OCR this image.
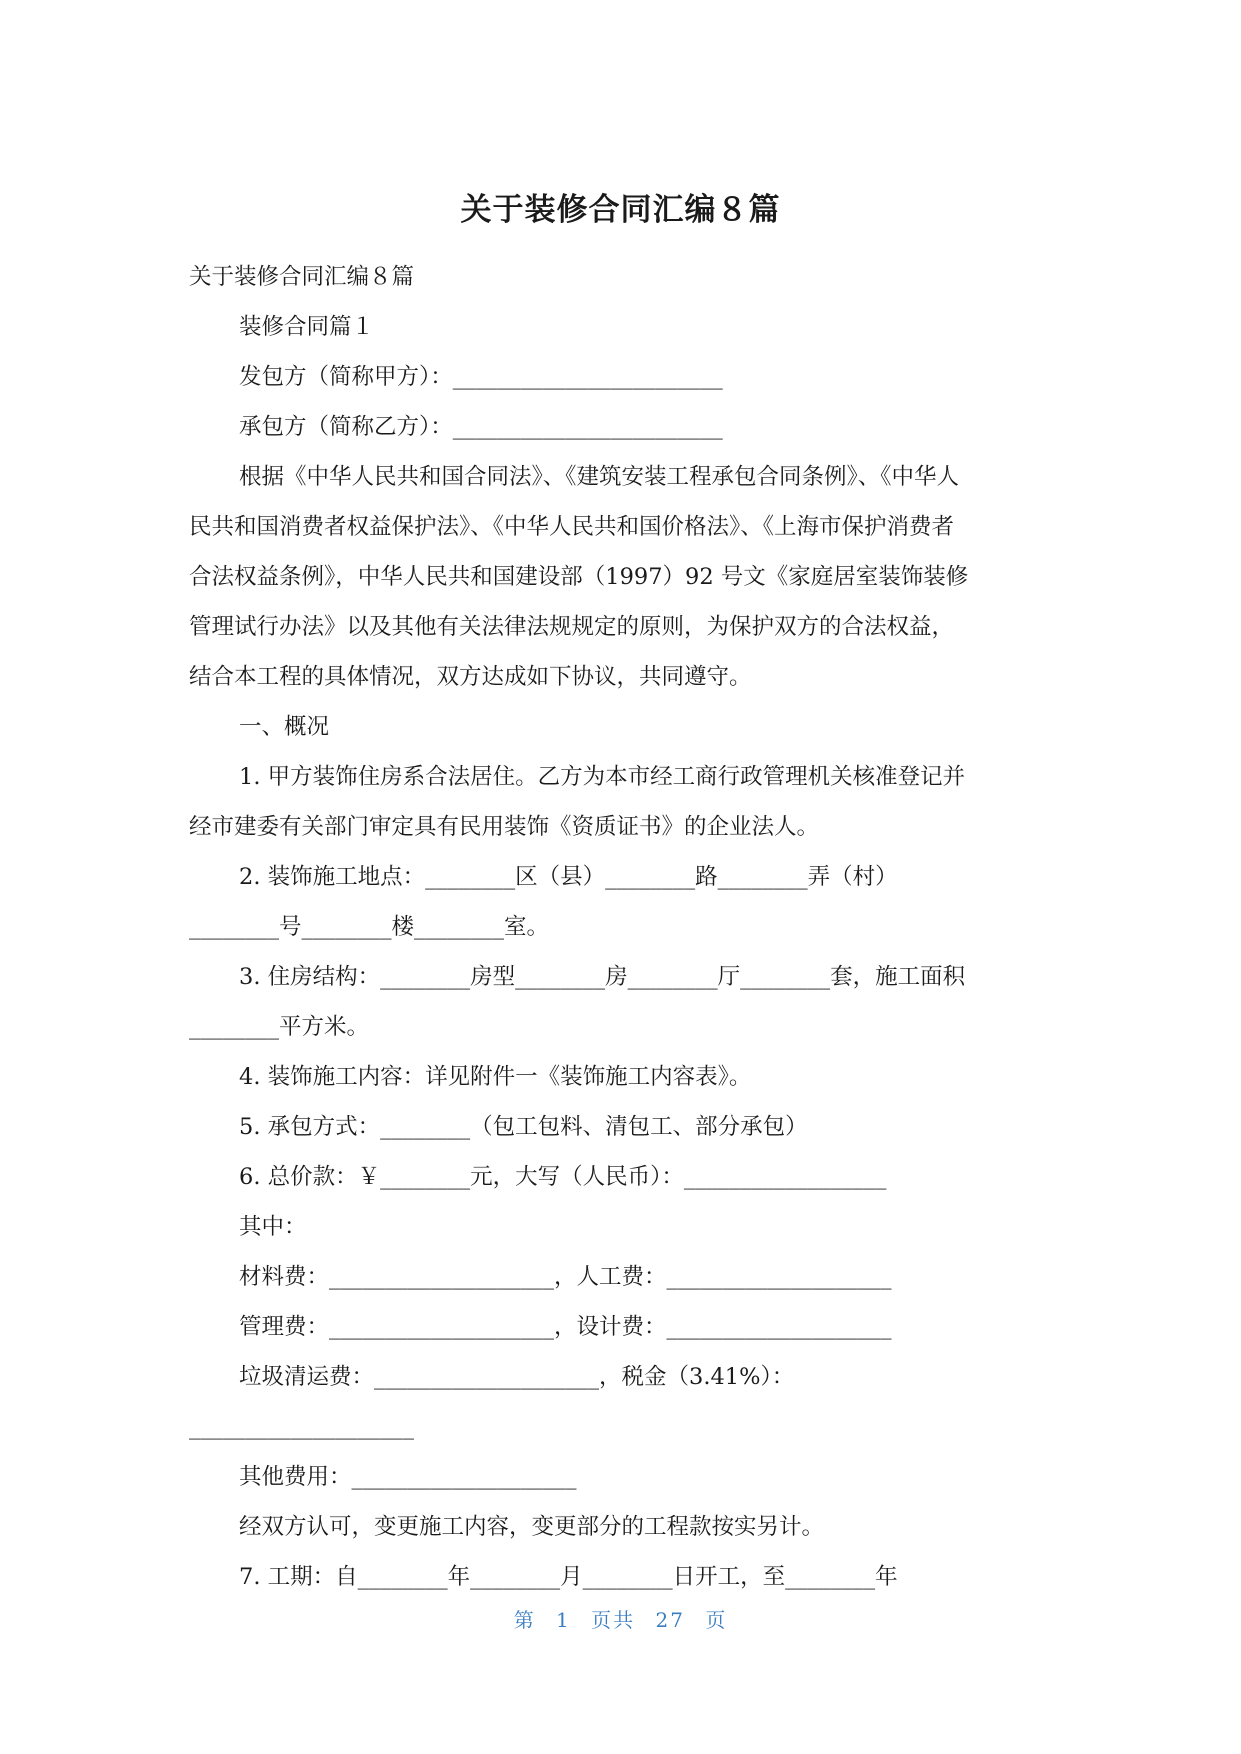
关于装修合同汇编８篇

关于装修合同汇编８篇

装修合同篇１

发包方（简称甲方）：________________________

承包方（简称乙方）：________________________

根据《中华人民共和国合同法》、《建筑安装工程承包合同条例》、《中华人

民共和国消费者权益保护法》、《中华人民共和国价格法》、《上海市保护消费者

合法权益条例》，中华人民共和国建设部（1997）92 号文《家庭居室装饰装修

管理试行办法》以及其他有关法律法规规定的原则，为保护双方的合法权益，

结合本工程的具体情况，双方达成如下协议，共同遵守。

一、概况

1. 甲方装饰住房系合法居住。乙方为本市经工商行政管理机关核准登记并

经市建委有关部门审定具有民用装饰《资质证书》的企业法人。

2. 装饰施工地点：________区（县）________路________弄（村）

________号________楼________室。

3. 住房结构：________房型________房________厅________套，施工面积

________平方米。

4. 装饰施工内容：详见附件一《装饰施工内容表》。

5. 承包方式：________（包工包料、清包工、部分承包）

6. 总价款：￥________元，大写（人民币）：__________________

其中：

材料费：____________________，人工费：____________________

管理费：____________________，设计费：____________________

垃圾清运费：____________________，税金（3.41%）：

____________________

其他费用：____________________

经双方认可，变更施工内容，变更部分的工程款按实另计。

7. 工期：自________年________月________日开工，至________年

第 1 页共 27 页
